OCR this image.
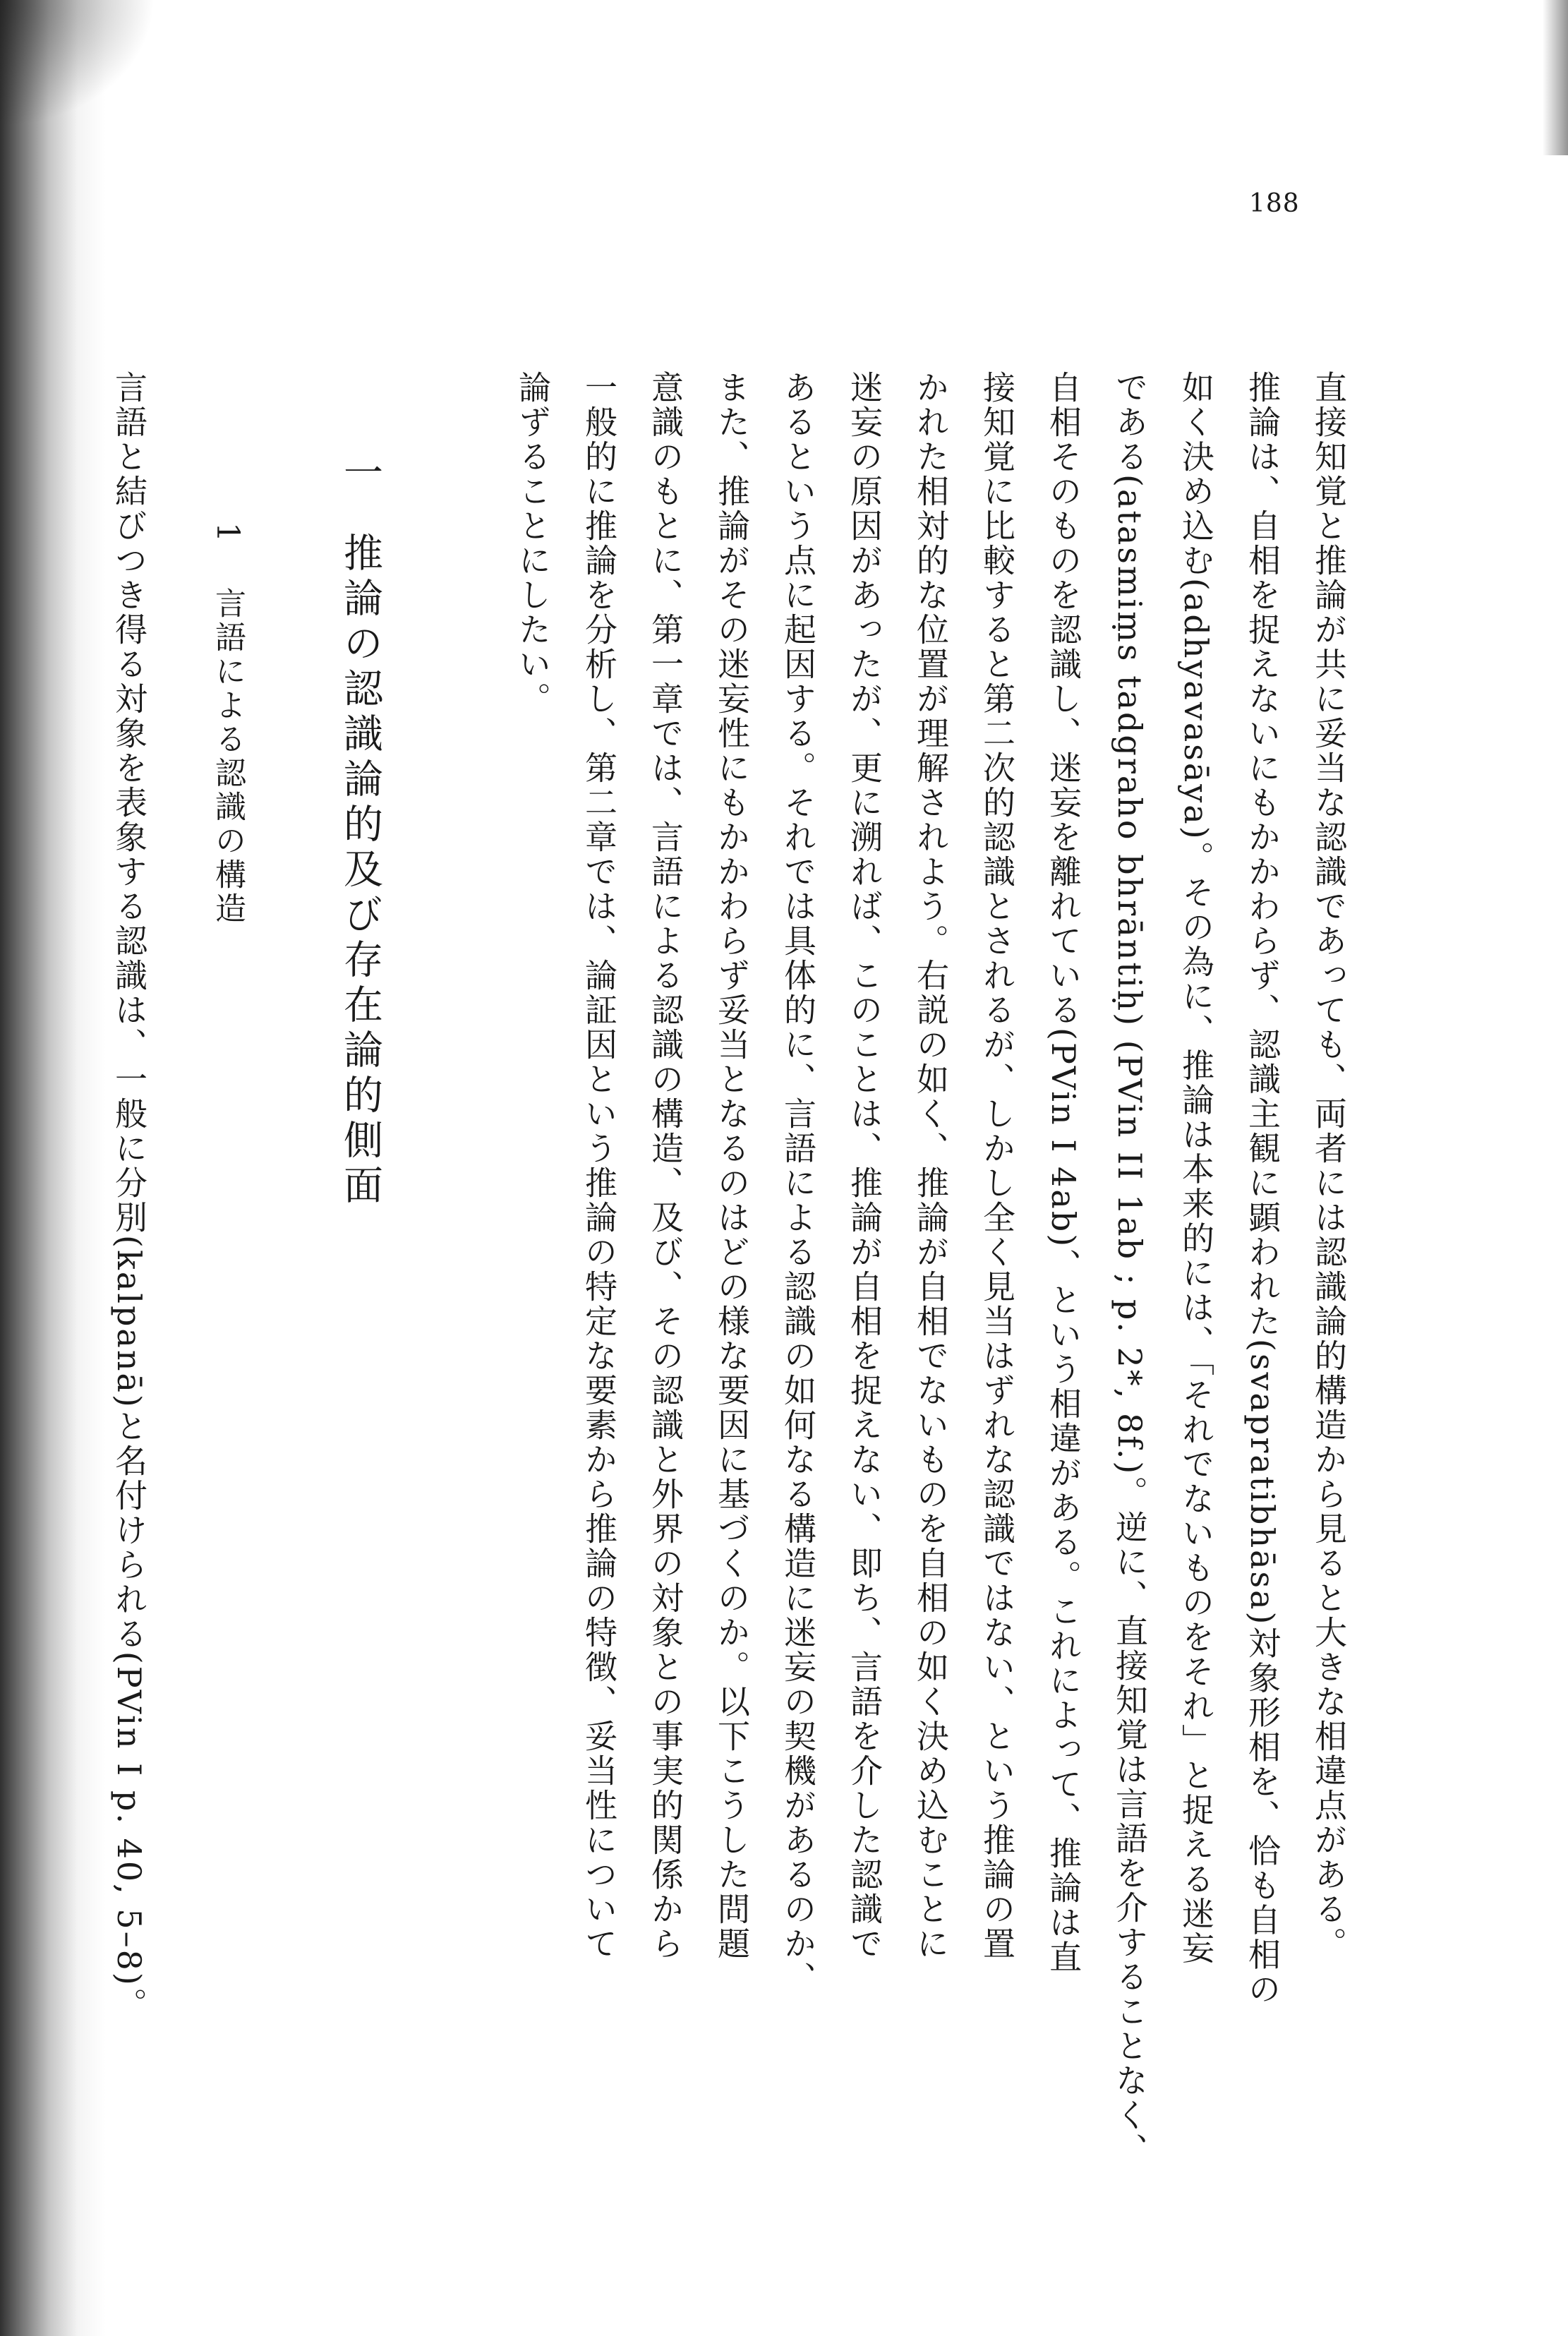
188
直接知覚と推論が共に妥当な認識であっても、両者には認識論的構造から見ると大きな相違点がある。
推論は、自相を捉えないにもかかわらず、認識主観に顕われた(svapratibhāsa)対象形相を、恰も自相の
如く決め込む(adhyavasāya)。その為に、推論は本来的には、「それでないものをそれ」と捉える迷妄
である(atasmiṃs tadgraho bhrāntiḥ) (PVin II 1ab ; p. 2*, 8f.)。逆に、直接知覚は言語を介することなく、
自相そのものを認識し、迷妄を離れている(PVin I 4ab)、という相違がある。これによって、推論は直
接知覚に比較すると第二次的認識とされるが、しかし全く見当はずれな認識ではない、という推論の置
かれた相対的な位置が理解されよう。右説の如く、推論が自相でないものを自相の如く決め込むことに
迷妄の原因があったが、更に溯れば、このことは、推論が自相を捉えない、即ち、言語を介した認識で
あるという点に起因する。それでは具体的に、言語による認識の如何なる構造に迷妄の契機があるのか、
また、推論がその迷妄性にもかかわらず妥当となるのはどの様な要因に基づくのか。以下こうした問題
意識のもとに、第一章では、言語による認識の構造、及び、その認識と外界の対象との事実的関係から
一般的に推論を分析し、第二章では、論証因という推論の特定な要素から推論の特徴、妥当性について
論ずることにしたい。
一推論の認識論的及び存在論的側面
1言語による認識の構造
言語と結びつき得る対象を表象する認識は、一般に分別(kalpanā)と名付けられる(PVin I p. 40, 5–8)。
